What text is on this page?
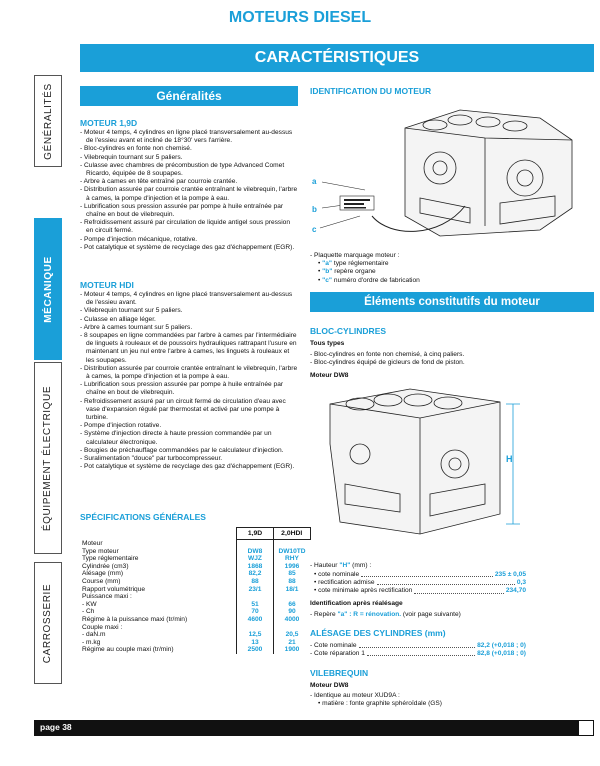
MOTEURS DIESEL
CARACTÉRISTIQUES
GÉNÉRALITÉS
MÉCANIQUE
ÉQUIPEMENT ÉLECTRIQUE
CARROSSERIE
Généralités
MOTEUR 1,9D
- Moteur 4 temps, 4 cylindres en ligne placé transversalement au-dessus de l'essieu avant et incliné de 18°30' vers l'arrière.
- Bloc-cylindres en fonte non chemisé.
- Vilebrequin tournant sur 5 paliers.
- Culasse avec chambres de précombustion de type Advanced Comet Ricardo, équipée de 8 soupapes.
- Arbre à cames en tête entraîné par courroie crantée.
- Distribution assurée par courroie crantée entraînant le vilebrequin, l'arbre à cames, la pompe d'injection et la pompe à eau.
- Lubrification sous pression assurée par pompe à huile entraînée par chaîne en bout de vilebrequin.
- Refroidissement assuré par circulation de liquide antigel sous pression en circuit fermé.
- Pompe d'injection mécanique, rotative.
- Pot catalytique et système de recyclage des gaz d'échappement (EGR).
MOTEUR HDI
- Moteur 4 temps, 4 cylindres en ligne placé transversalement au-dessus de l'essieu avant.
- Vilebrequin tournant sur 5 paliers.
- Culasse en alliage léger.
- Arbre à cames tournant sur 5 paliers.
- 8 soupapes en ligne commandées par l'arbre à cames par l'intermédiaire de linguets à rouleaux et de poussoirs hydrauliques rattrapant l'usure en maintenant un jeu nul entre l'arbre à cames, les linguets à rouleaux et les soupapes.
- Distribution assurée par courroie crantée entraînant le vilebrequin, l'arbre à cames, la pompe d'injection et la pompe à eau.
- Lubrification sous pression assurée par pompe à huile entraînée par chaîne en bout de vilebrequin.
- Refroidissement assuré par un circuit fermé de circulation d'eau avec vase d'expansion régulé par thermostat et activé par une pompe à turbine.
- Pompe d'injection rotative.
- Système d'injection directe à haute pression commandée par un calculateur électronique.
- Bougies de préchauffage commandées par le calculateur d'injection.
- Suralimentation "douce" par turbocompresseur.
- Pot catalytique et système de recyclage des gaz d'échappement (EGR).
SPÉCIFICATIONS GÉNÉRALES
	1,9D	2,0HDI
Moteur		
Type moteur	DW8	DW10TD
Type réglementaire	WJZ	RHY
Cylindrée (cm3)	1868	1996
Alésage (mm)	82,2	85
Course (mm)	88	88
Rapport volumétrique	23/1	18/1
Puissance maxi :		
- KW	51	66
- Ch	70	90
Régime à la puissance maxi (tr/min)	4600	4000
Couple maxi :		
- daN.m	12,5	20,5
- m.kg	13	21
Régime au couple maxi (tr/min)	2500	1900
IDENTIFICATION DU MOTEUR
a
b
c
- Plaquette marquage moteur :
• "a" type réglementaire
• "b" repère organe
• "c" numéro d'ordre de fabrication
Éléments constitutifs du moteur
BLOC-CYLINDRES
Tous types
- Bloc-cylindres en fonte non chemisé, à cinq paliers.
- Bloc-cylindres équipé de gicleurs de fond de piston.
Moteur DW8
H
- Hauteur "H" (mm) :
• cote nominale	235 ± 0,05
• rectification admise	0,3
• cote minimale après rectification	234,70
Identification après réalésage
- Repère "a" : R = rénovation. (voir page suivante)
ALÉSAGE DES CYLINDRES (mm)
- Cote nominale	82,2 (+0,018 ; 0)
- Cote réparation 1	82,8 (+0,018 ; 0)
VILEBREQUIN
Moteur DW8
- Identique au moteur XUD9A :
• matière : fonte graphite sphéroïdale (GS)
page 38
